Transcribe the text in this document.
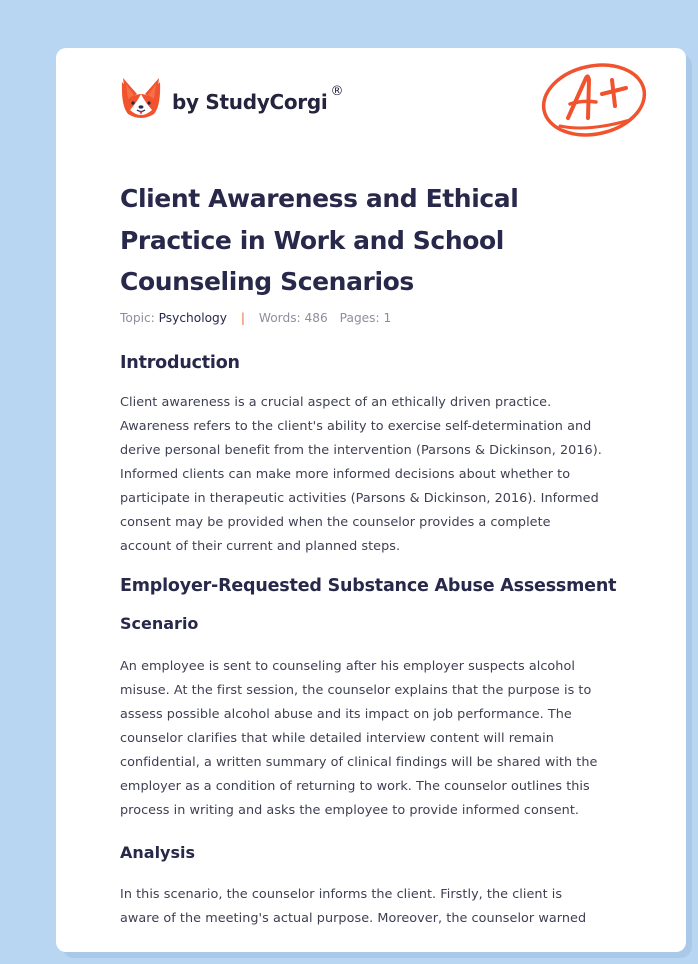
by StudyCorgi ®
Client Awareness and Ethical
Practice in Work and School
Counseling Scenarios
Topic: Psychology | Words: 486 Pages: 1
Introduction

Client awareness is a crucial aspect of an ethically driven practice.
Awareness refers to the client's ability to exercise self-determination and
derive personal benefit from the intervention (Parsons & Dickinson, 2016).
Informed clients can make more informed decisions about whether to
participate in therapeutic activities (Parsons & Dickinson, 2016). Informed
consent may be provided when the counselor provides a complete
account of their current and planned steps.

Employer-Requested Substance Abuse Assessment
Scenario

An employee is sent to counseling after his employer suspects alcohol
misuse. At the first session, the counselor explains that the purpose is to
assess possible alcohol abuse and its impact on job performance. The
counselor clarifies that while detailed interview content will remain
confidential, a written summary of clinical findings will be shared with the
employer as a condition of returning to work. The counselor outlines this
process in writing and asks the employee to provide informed consent.

Analysis

In this scenario, the counselor informs the client. Firstly, the client is
aware of the meeting's actual purpose. Moreover, the counselor warned
